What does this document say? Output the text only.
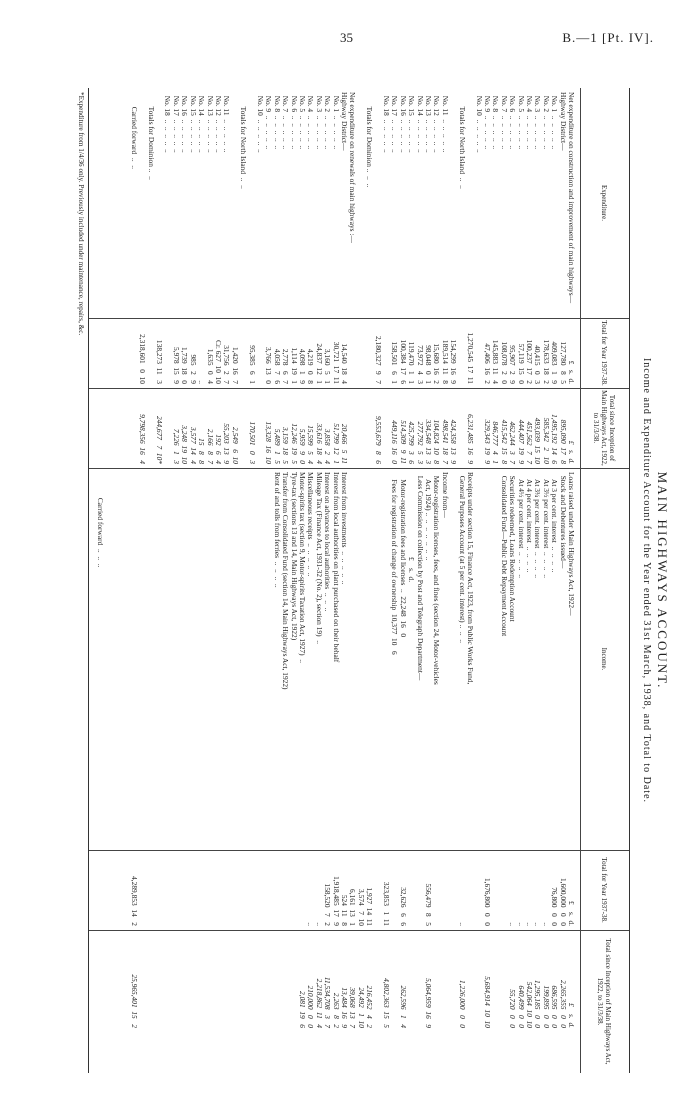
35	B.—1 [Pt. IV].
MAIN HIGHWAYS ACCOUNT.
Income and Expenditure Account for the Year ended 31st March, 1938, and Total to Date.
Expenditure.
Total for Year 1937-38.
Total since Inception of Main Highways Act, 1922, to 31/3/38.
Income.
Total for Year 1937-38.
Total since Inception of Main Highways Act, 1922, to 31/3/38.
Net expenditure on construction and improvement of main highways—
Highway District—
No. 1  ..  ..  ..  ..  ..
No. 2  ..  ..  ..  ..  ..
No. 3  ..  ..  ..  ..  ..
No. 4  ..  ..  ..  ..  ..
No. 5  ..  ..  ..  ..  ..
No. 6  ..  ..  ..  ..  ..
No. 7  ..  ..  ..  ..  ..
No. 8  ..  ..  ..  ..  ..
No. 9  ..  ..  ..  ..  ..
No. 10  ..  ..  ..  ..  ..

Totals for North Island  ..  ..

No. 11  ..  ..  ..  ..  ..
No. 12  ..  ..  ..  ..  ..
No. 13  ..  ..  ..  ..  ..
No. 14  ..  ..  ..  ..  ..
No. 15  ..  ..  ..  ..  ..
No. 16  ..  ..  ..  ..  ..
No. 17  ..  ..  ..  ..  ..
No. 18  ..  ..  ..  ..  ..

Totals for Dominion ..  ..  ..

Net expenditure on renewals of main highways :—
Highway District—
No. 1  ..  ..  ..  ..  ..
No. 2  ..  ..  ..  ..  ..
No. 3  ..  ..  ..  ..  ..
No. 4  ..  ..  ..  ..  ..
No. 5  ..  ..  ..  ..  ..
No. 6  ..  ..  ..  ..  ..
No. 7  ..  ..  ..  ..  ..
No. 8  ..  ..  ..  ..  ..
No. 9  ..  ..  ..  ..  ..
No. 10  ..  ..  ..  ..  ..

Totals for North Island  ..  ..

No. 11  ..  ..  ..  ..  ..
No. 12  ..  ..  ..  ..  ..
No. 13  ..  ..  ..  ..  ..
No. 14  ..  ..  ..  ..  ..
No. 15  ..  ..  ..  ..  ..
No. 16  ..  ..  ..  ..  ..
No. 17  ..  ..  ..  ..  ..
No. 18  ..  ..  ..  ..  ..

Totals for Dominion ..  ..

Carried forward  ..  ..
£   s.  d.
127,780   8   5
409,083   1   9
178,633  18   2
40,415   0   3
100,237  17   2
57,119  15   0
95,907   2   9
108,078   2   0
145,883  11   4
47,406  16   2

1,270,545  17  11

154,299  16   9
189,514  11   8
15,680  16   2
98,048   0   1
73,972   4   3
119,470   1   1
100,384  17   6
158,501   6   1

2,180,327   9   7

14,540  18   4
30,721  17  11
3,160   5   1
24,837  12   1
4,219   0   8
4,098   1   9
1,114  19   1
2,778   6   7
4,058   7   6
3,766  13   0

95,385   6   1

1,420  16   7
31,756   2   7
Cr. 627  10  10
1,635   0   4
..
985   2   9
1,739  18   0
5,978  15   9

138,273  11   3

2,318,601   0  10
£   s.  d.
895,090  17   8
1,495,192  14   6
585,342   2   10
493,039  15  10
451,562   7   7
444,407  19   9
462,244   3   7
415,542  15   8
846,777   4   1
329,343  19   9

6,231,485  16   9

424,358  13   9
498,541  18   7
104,824  10   8
334,548  13   3
277,792   5   3
425,799   3   6
514,309   9  11
449,116  16   0

9,553,679   8   6

20,466   5  11
51,799  12   1
3,858   2   4
33,616  18   4
15,599   5   4
5,959   9   0
12,246  19   5
3,159  18   5
5,489   1   5
13,328  16  10

170,501   0   3

2,549   6  10
55,203  13   9
192   6   4
2,166   8   7
15   8   8
3,577  14   4
3,248  19  10
7,226   1   3

244,677   7  10*

9,798,356  16   4
Loans raised under Main Highways Act, 1922—
Stock and Debentures issued—
At 3 per cent. interest  ..  ..  ..  ..
At 3½ per cent. interest  ..  ..  ..  ..
At 3¾ per cent. interest  ..  ..  ..  ..
At 4 per cent. interest  ..  ..  ..  ..
At 4½ per cent. interest  ..  ..  ..  ..
Securities redeemed, Loans Redemption Account
Consolidated Fund—Public Debt Repayment Account

Receipts under section 15, Finance Act, 1923, from Public Works Fund,
General Purposes Account (at 5 per cent. interest) ..  ..  ..

Income from—
Motor-registration licenses, fees, and fines (section 24, Motor-vehicles
Act, 1924) ..  ..  ..  ..  ..  ..  ..
Less Commission on collection by Post and Telegraph Department—
£    s.  d.
Motor-registration fees and licenses  ..  22,248  16   0
Fees for registration of change of ownership  10,377  10   6

Interest from investments  ..  ..  ..  ..  ..
Interest from local authorities on plant purchased on their behalf
Interest on advances to local authorities  ..  ..  ..
Mileage Tax (Finance Act, 1931-32 (No. 2), section 19)  ..
Miscellaneous receipts  ..  ..  ..  ..  ..
Motor-spirits tax (section 9, Motor-spirits Taxation Act, 1927)  ..
Tyre-tax (sections 13 and 14, Main Highways Act, 1922)
Transfer from Consolidated Fund (section 14, Main Highways Act, 1922)
Rent of and tolls from ferries  ..  ..  ..  ..

Carried forward  ..  ..  ..
£    s.  d.
1,600,000   0   0
76,800   0   0
..
..
..
..
..

1,676,800   0   0

..

556,479   8   5

32,626   6   6

323,853   1  11

1,927  14  11
3,574   7  10
6,161  13   1
524  11   8
1,918,485  17   9
158,520   7   2
..
..

4,289,853  14   2
£    s.  d.
2,265,355   0   0
686,595   0   0
199,895   0   0
1,295,185   0   0
542,064  10  10
640,499   0   0
55,720   0   0

5,684,914  10  10

1,226,000   0   0

5,064,959  16   9

262,596   1   4

4,802,363  15   5

216,452   4   2
24,492   1  10
39,068  13   7
13,484  16   9
2,263   8   2
11,534,708   3   7
2,218,862  11   4
210,000   0   0
2,081  19   6

25,965,401  15   2
*Expenditure from 1/4/36 only. Previously included under maintenance, repairs, &c.
